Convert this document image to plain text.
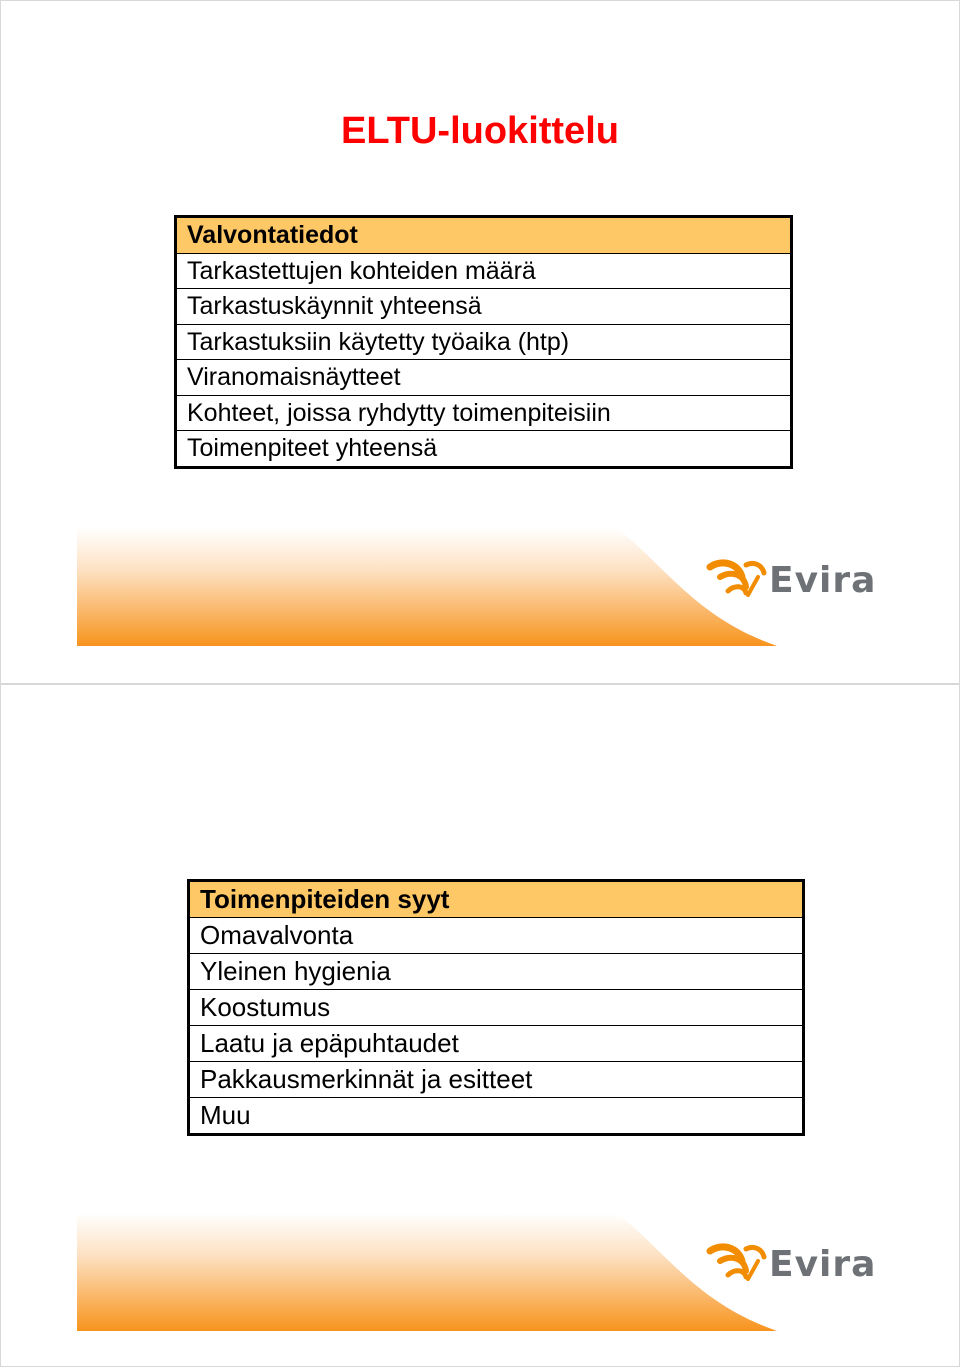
ELTU-luokittelu
Valvontatiedot
Tarkastettujen kohteiden määrä
Tarkastuskäynnit yhteensä
Tarkastuksiin käytetty työaika (htp)
Viranomaisnäytteet
Kohteet, joissa ryhdytty toimenpiteisiin
Toimenpiteet yhteensä
Evira
Toimenpiteiden syyt
Omavalvonta
Yleinen hygienia
Koostumus
Laatu ja epäpuhtaudet
Pakkausmerkinnät ja esitteet
Muu
Evira
